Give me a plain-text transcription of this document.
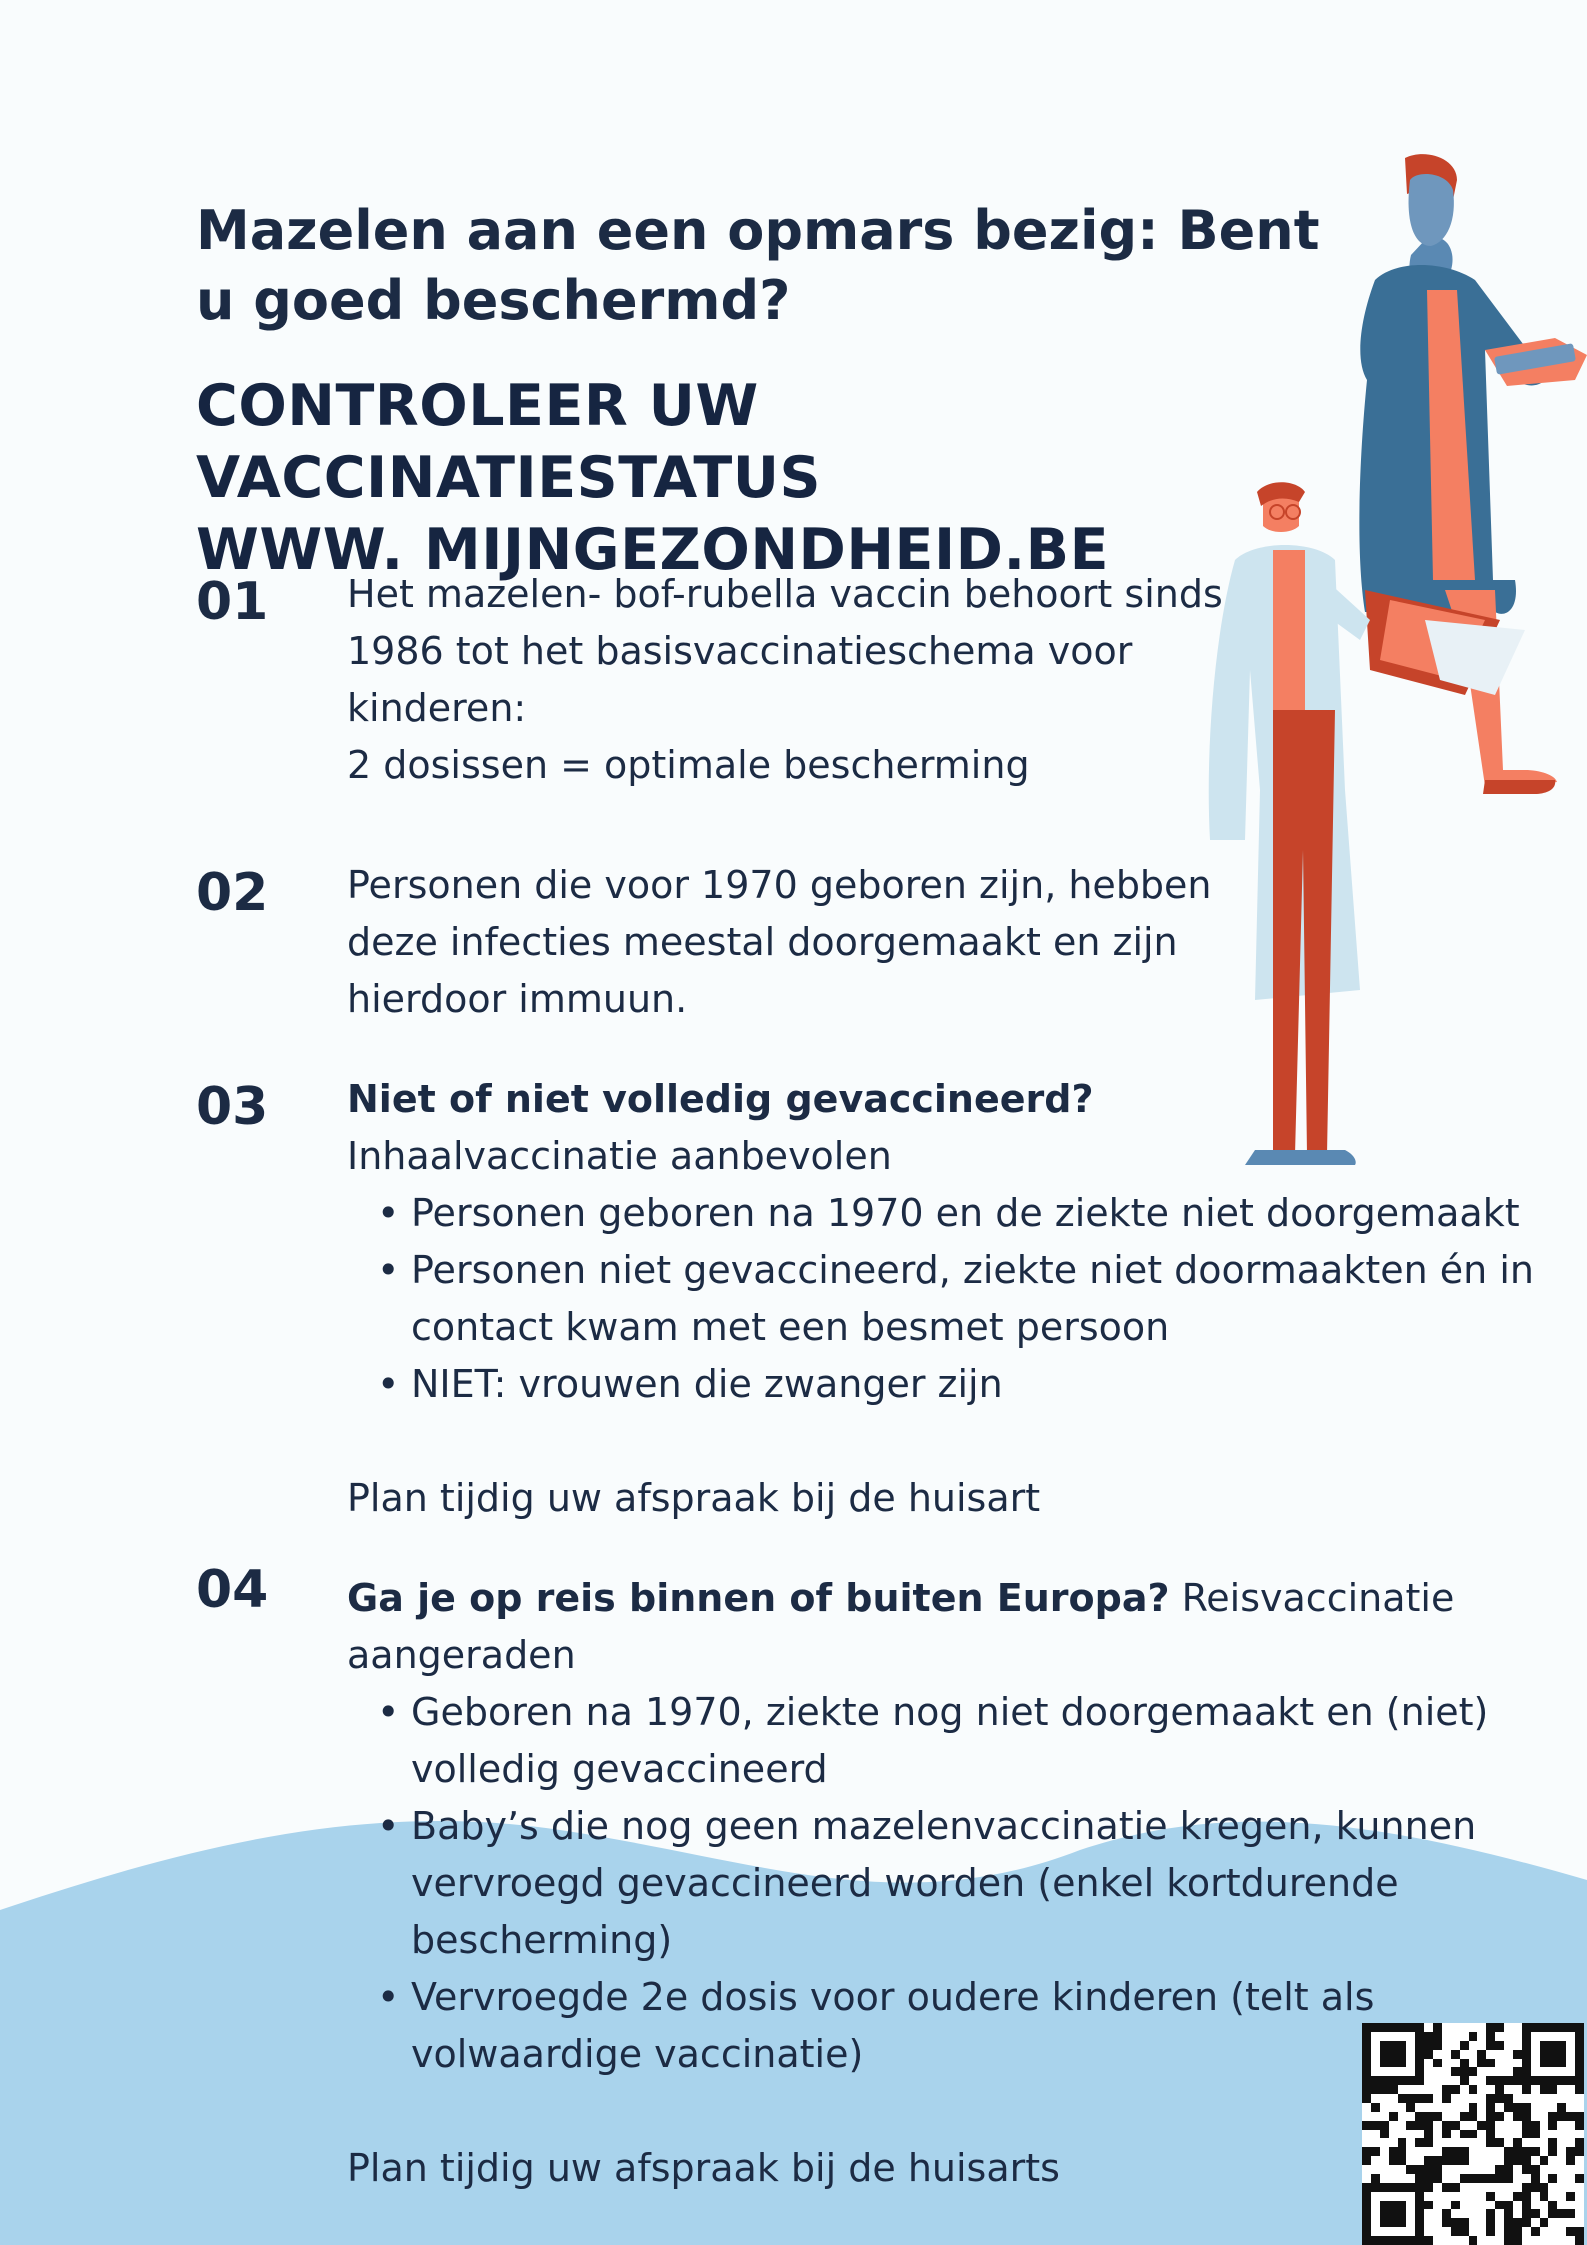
Mazelen aan een opmars bezig: Bent u goed beschermd?
CONTROLEER UW VACCINATIESTATUS
WWW. MIJNGEZONDHEID.BE
01 Het mazelen- bof-rubella vaccin behoort sinds 1986 tot het basisvaccinatieschema voor kinderen:

2 dosissen = optimale bescherming

02 Personen die voor 1970 geboren zijn, hebben deze infecties meestal doorgemaakt en zijn hierdoor immuun.

03 Niet of niet volledig gevaccineerd?

Inhaalvaccinatie aanbevolen

• Personen geboren na 1970 en de ziekte niet doorgemaakt
• Personen niet gevaccineerd, ziekte niet doormaakten én in contact kwam met een besmet persoon
• NIET: vrouwen die zwanger zijn

Plan tijdig uw afspraak bij de huisart

04 Ga je op reis binnen of buiten Europa? Reisvaccinatie aangeraden

• Geboren na 1970, ziekte nog niet doorgemaakt en (niet) volledig gevaccineerd
• Baby’s die nog geen mazelenvaccinatie kregen, kunnen vervroegd gevaccineerd worden (enkel kortdurende bescherming)
• Vervroegde 2e dosis voor oudere kinderen (telt als volwaardige vaccinatie)

Plan tijdig uw afspraak bij de huisarts
